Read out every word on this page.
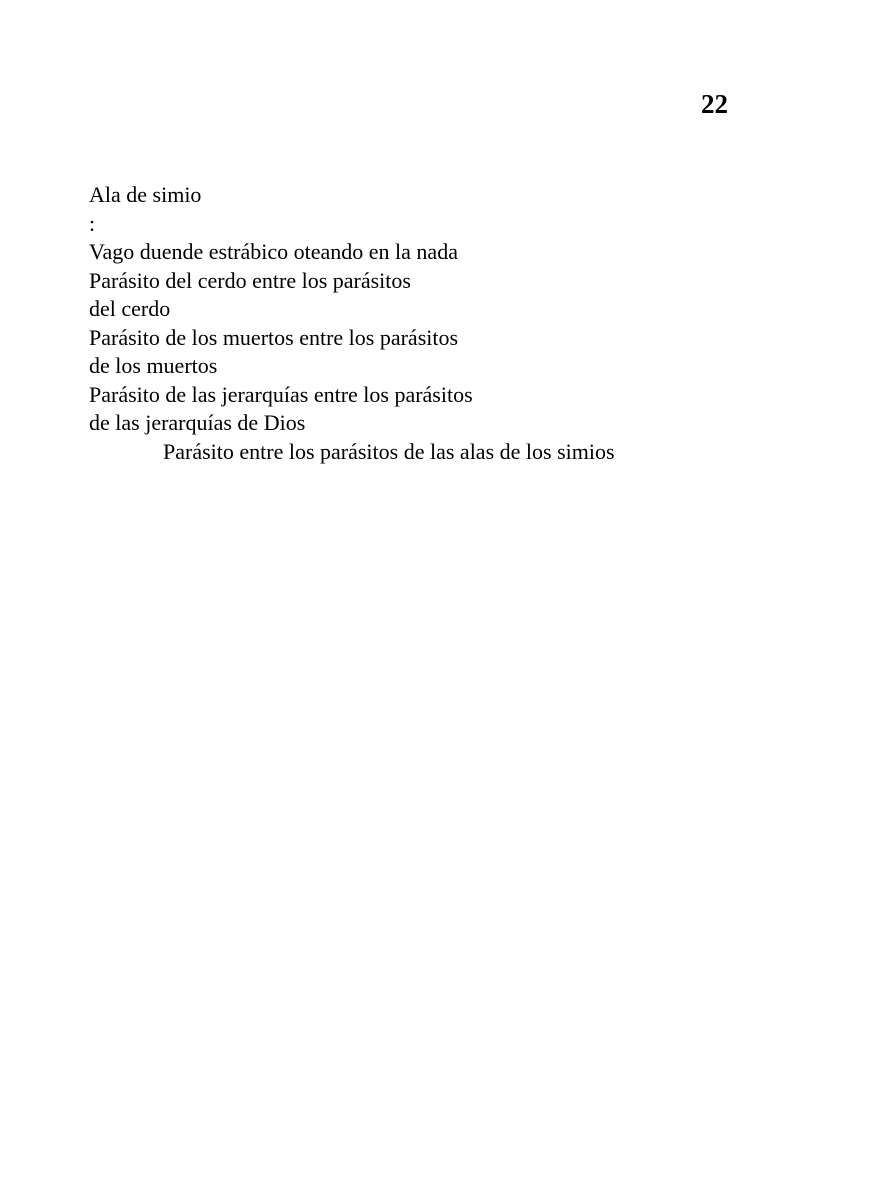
22
Ala de simio
:
Vago duende estrábico oteando en la nada
Parásito del cerdo entre los parásitos
del cerdo
Parásito de los muertos entre los parásitos
de los muertos
Parásito de las jerarquías entre los parásitos
de las jerarquías de Dios
Parásito entre los parásitos de las alas de los simios
